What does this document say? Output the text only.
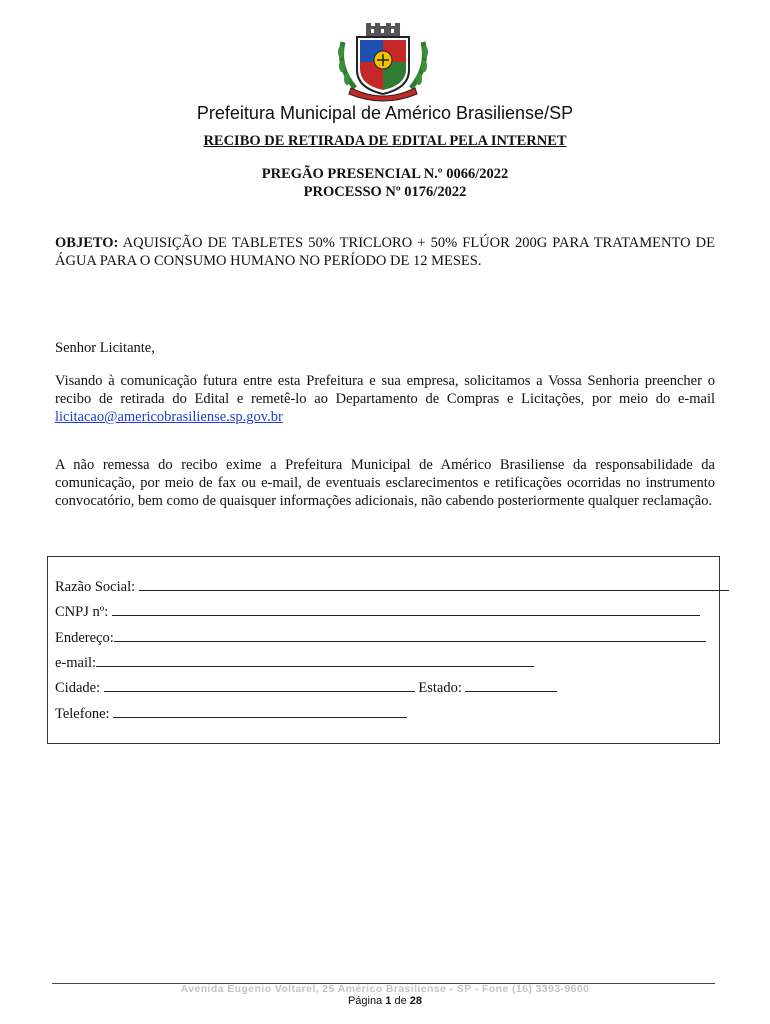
Prefeitura Municipal de Américo Brasiliense/SP
RECIBO DE RETIRADA DE EDITAL PELA INTERNET
PREGÃO PRESENCIAL N.º 0066/2022
PROCESSO Nº 0176/2022
OBJETO: AQUISIÇÃO DE TABLETES 50% TRICLORO + 50% FLÚOR 200G PARA TRATAMENTO DE ÁGUA PARA O CONSUMO HUMANO NO PERÍODO DE 12 MESES.
Senhor Licitante,
Visando à comunicação futura entre esta Prefeitura e sua empresa, solicitamos a Vossa Senhoria preencher o recibo de retirada do Edital e remetê-lo ao Departamento de Compras e Licitações, por meio do e-mail licitacao@americobrasiliense.sp.gov.br
A não remessa do recibo exime a Prefeitura Municipal de Américo Brasiliense da responsabilidade da comunicação, por meio de fax ou e-mail, de eventuais esclarecimentos e retificações ocorridas no instrumento convocatório, bem como de quaisquer informações adicionais, não cabendo posteriormente qualquer reclamação.
Razão Social:
CNPJ nº:
Endereço:
e-mail:
Cidade:	Estado:
Telefone:
Avenida Eugenio Voltarel, 25 Américo Brasiliense - SP - Fone (16) 3393-9600
Página 1 de 28
